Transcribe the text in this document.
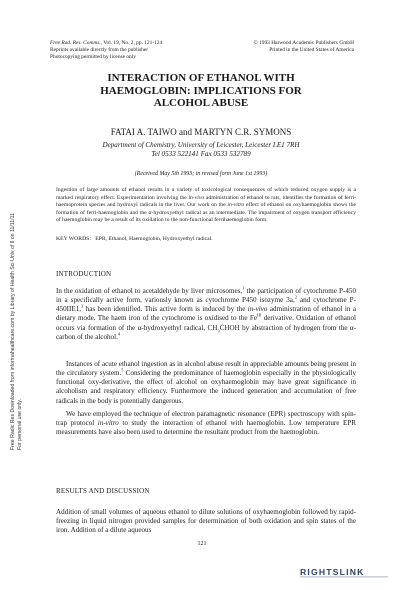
Free Rad. Res. Comms., Vol. 19, No. 2, pp. 121-124
Reprints available directly from the publisher
Photocopying permitted by license only
© 1993 Harwood Academic Publishers GmbH
Printed in the United States of America
INTERACTION OF ETHANOL WITH
HAEMOGLOBIN: IMPLICATIONS FOR
ALCOHOL ABUSE
FATAI A. TAIWO and MARTYN C.R. SYMONS
Department of Chemistry, University of Leicester, Leicester LE1 7RH
Tel 0533 522141 Fax 0533 532789
(Received May 5th 1993; in revised form June 1st 1993)
Ingestion of large amounts of ethanol results in a variety of toxicological consequences of which reduced oxygen supply is a marked respiratory effect. Experimentation involving the in-vivo administration of ethanol to rats, identifies the formation of ferri-haemoprotein species and hydroxyl radicals in the liver. Our work on the in-vitro effect of ethanol on oxyhaemoglobin shows the formation of ferri-haemoglobin and the α-hydroxyethyl radical as an intermediate. The impairment of oxygen transport efficiency of haemoglobin may be a result of its oxidation to the non-functional ferrihaemoglobin form.
KEY WORDS: EPR, Ethanol, Haemoglobin, Hydroxyethyl radical.
INTRODUCTION
In the oxidation of ethanol to acetaldehyde by liver microsomes,$^1$ the participation of cytochrome P-450 in a specifically active form, variously known as cytochrome P450 isozyme 3a,$^2$ and cytochrome P-450IIE1,$^3$ has been identified. This active form is induced by the in-vivo administration of ethanol in a dietary mode. The haem iron of the cytochrome is oxidised to the $Fe^{III}$ derivative. Oxidation of ethanol occurs via formation of the α-hydroxyethyl radical, $CH_3ĊHOH$ by abstraction of hydrogen from the α-carbon of the alcohol.$^4$
Instances of acute ethanol ingestion as in alcohol abuse result in appreciable amounts being present in the circulatory system.$^5$ Considering the predominance of haemoglobin especially in the physiologically functional oxy-derivative, the effect of alcohol on oxyhaemoglobin may have great significance in alcoholism and respiratory efficiency. Furthermore the induced generation and accumulation of free radicals in the body is potentially dangerous.
We have employed the technique of electron paramagnetic resonance (EPR) spectroscopy with spin-trap protocol in-vitro to study the interaction of ethanol with haemoglobin. Low temperature EPR measurements have also been used to determine the resultant product from the haemoglobin.
RESULTS AND DISCUSSION
Addition of small volumes of aqueous ethanol to dilute solutions of oxyhaemoglobin followed by rapid-freezing in liquid nitrogen provided samples for determination of both oxidation and spin states of the iron. Addition of a dilute aqueous
121
Free Radic Res Downloaded from informahealthcare.com by Library of Health Sci-Univ of Il on 11/11/11 For personal use only.
RIGHTSLINK
